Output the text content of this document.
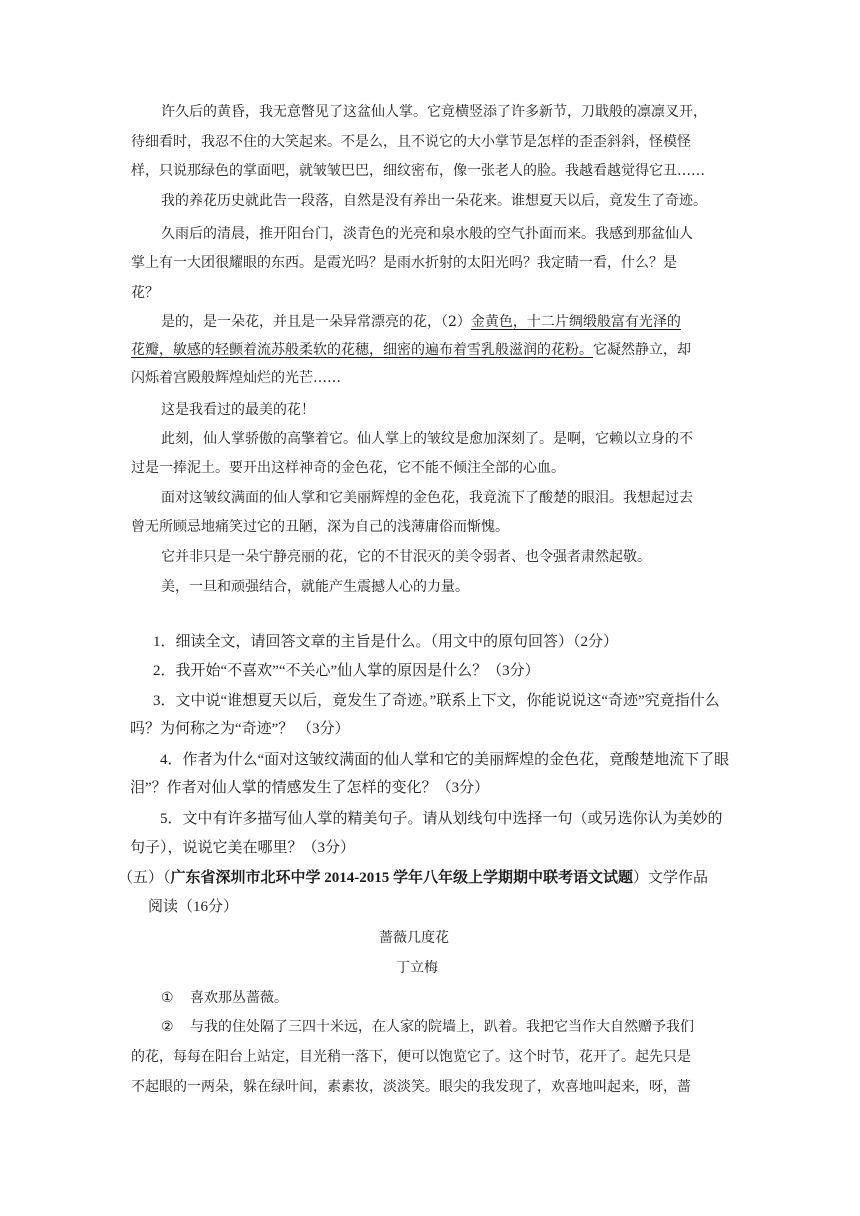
许久后的黄昏，我无意瞥见了这盆仙人掌。它竟横竖添了许多新节，刀戢般的凛凛叉开，
待细看时，我忍不住的大笑起来。不是么，且不说它的大小掌节是怎样的歪歪斜斜，怪模怪
样，只说那绿色的掌面吧，就皱皱巴巴，细纹密布，像一张老人的脸。我越看越觉得它丑……
我的养花历史就此告一段落，自然是没有养出一朵花来。谁想夏天以后，竟发生了奇迹。
久雨后的清晨，推开阳台门，淡青色的光亮和泉水般的空气扑面而来。我感到那盆仙人
掌上有一大团很耀眼的东西。是霞光吗？是雨水折射的太阳光吗？我定睛一看，什么？是
花？
是的，是一朵花，并且是一朵异常漂亮的花，（2）金黄色，十二片绸缎般富有光泽的
花瓣，敏感的轻颤着流苏般柔软的花穗，细密的遍布着雪乳般滋润的花粉。它凝然静立，却
闪烁着宫殿般辉煌灿烂的光芒……
这是我看过的最美的花！
此刻，仙人掌骄傲的高擎着它。仙人掌上的皱纹是愈加深刻了。是啊，它赖以立身的不
过是一捧泥土。要开出这样神奇的金色花，它不能不倾注全部的心血。
面对这皱纹满面的仙人掌和它美丽辉煌的金色花，我竟流下了酸楚的眼泪。我想起过去
曾无所顾忌地痛笑过它的丑陋，深为自己的浅薄庸俗而惭愧。
它并非只是一朵宁静亮丽的花，它的不甘泯灭的美令弱者、也令强者肃然起敬。
美，一旦和顽强结合，就能产生震撼人心的力量。
1．细读全文，请回答文章的主旨是什么。（用文中的原句回答）（2分）
2．我开始“不喜欢”“不关心”仙人掌的原因是什么？（3分）
3．文中说“谁想夏天以后，竟发生了奇迹。”联系上下文，你能说说这“奇迹”究竟指什么
吗？为何称之为“奇迹”？ （3分）
4．作者为什么“面对这皱纹满面的仙人掌和它的美丽辉煌的金色花，竟酸楚地流下了眼
泪”？作者对仙人掌的情感发生了怎样的变化？（3分）
5．文中有许多描写仙人掌的精美句子。请从划线句中选择一句（或另选你认为美妙的
句子），说说它美在哪里？（3分）
（五）（广东省深圳市北环中学 2014-2015 学年八年级上学期期中联考语文试题）文学作品
阅读（16分）
蔷薇几度花
丁立梅
① 喜欢那丛蔷薇。
② 与我的住处隔了三四十米远，在人家的院墙上，趴着。我把它当作大自然赠予我们
的花，每每在阳台上站定，目光稍一落下，便可以饱览它了。这个时节，花开了。起先只是
不起眼的一两朵，躲在绿叶间，素素妆，淡淡笑。眼尖的我发现了，欢喜地叫起来，呀，蔷
